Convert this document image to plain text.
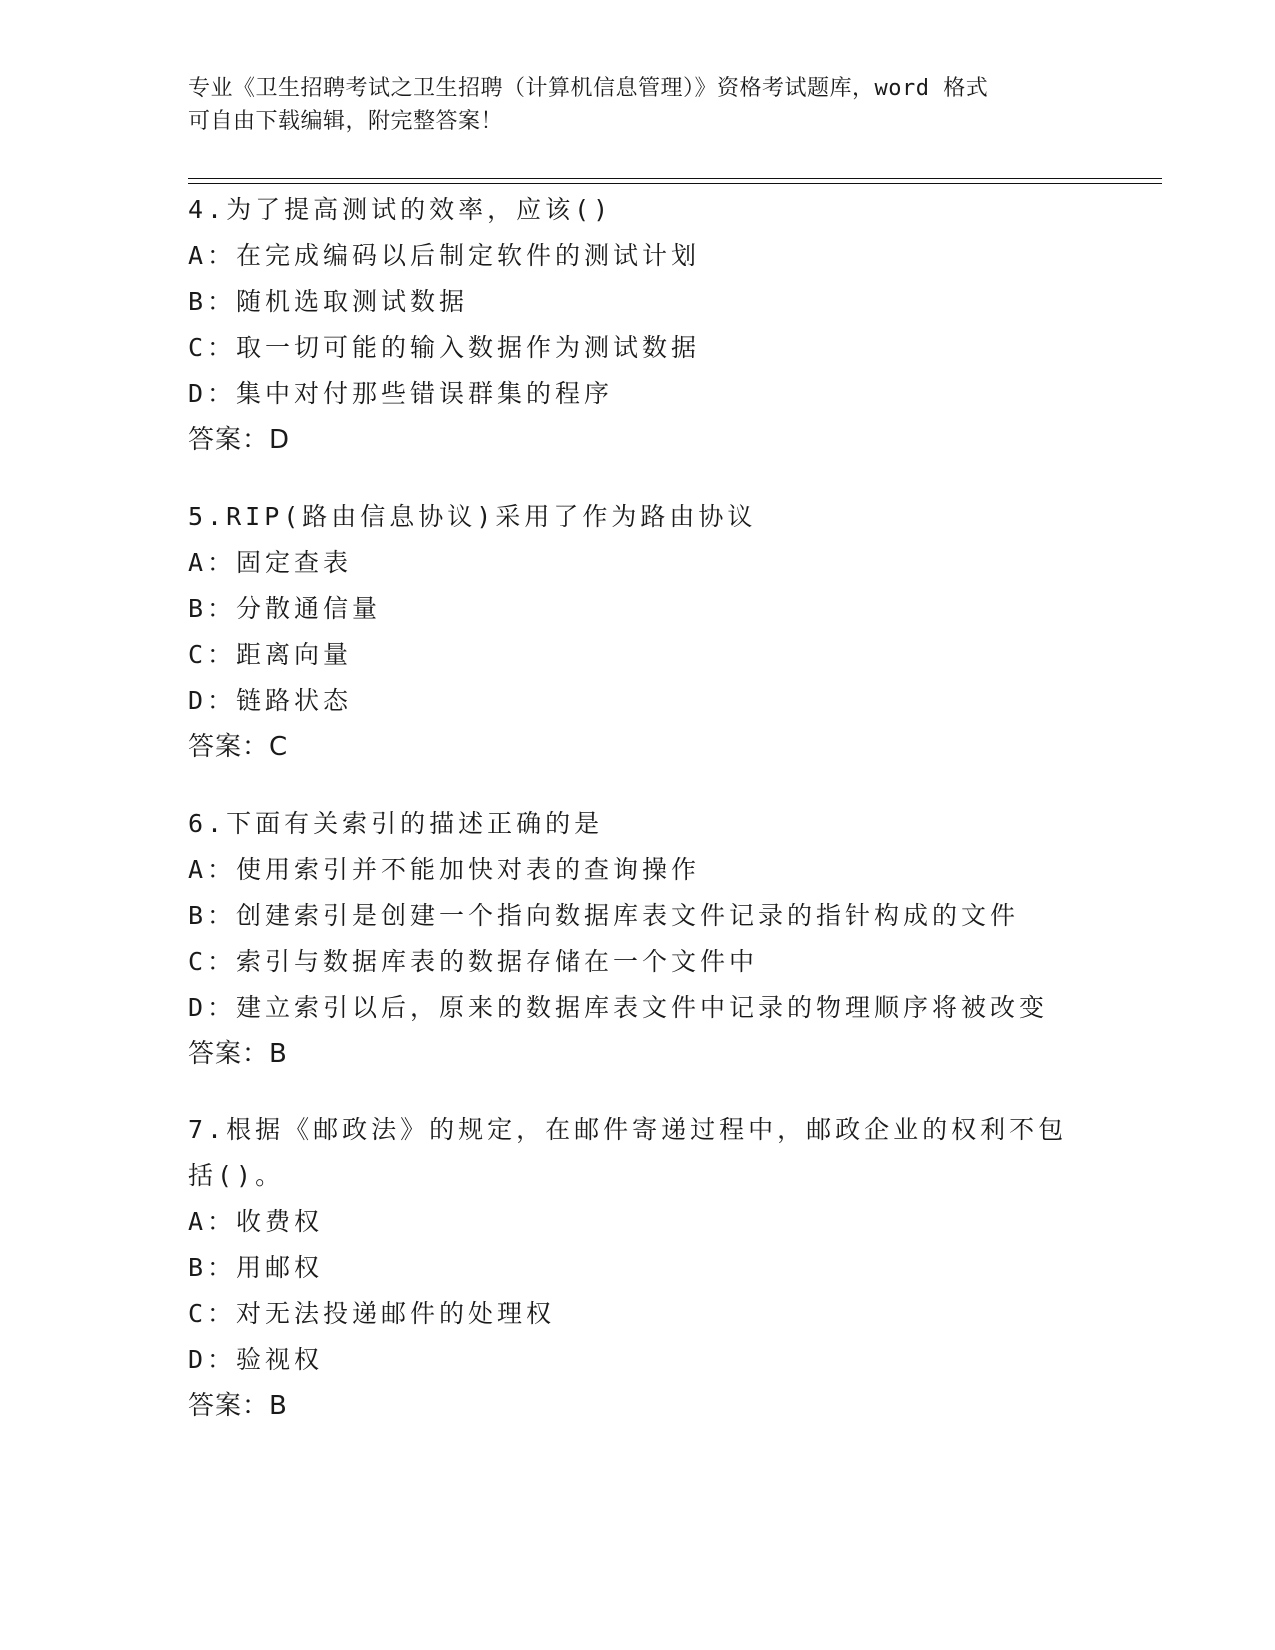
专业《卫生招聘考试之卫生招聘（计算机信息管理）》资格考试题库，word 格式
可自由下载编辑，附完整答案！
4.为了提高测试的效率，应该()
A：在完成编码以后制定软件的测试计划
B：随机选取测试数据
C：取一切可能的输入数据作为测试数据
D：集中对付那些错误群集的程序
答案：D
5.RIP(路由信息协议)采用了作为路由协议
A：固定查表
B：分散通信量
C：距离向量
D：链路状态
答案：C
6.下面有关索引的描述正确的是
A：使用索引并不能加快对表的查询操作
B：创建索引是创建一个指向数据库表文件记录的指针构成的文件
C：索引与数据库表的数据存储在一个文件中
D：建立索引以后，原来的数据库表文件中记录的物理顺序将被改变
答案：B
7.根据《邮政法》的规定，在邮件寄递过程中，邮政企业的权利不包括()。
A：收费权
B：用邮权
C：对无法投递邮件的处理权
D：验视权
答案：B
